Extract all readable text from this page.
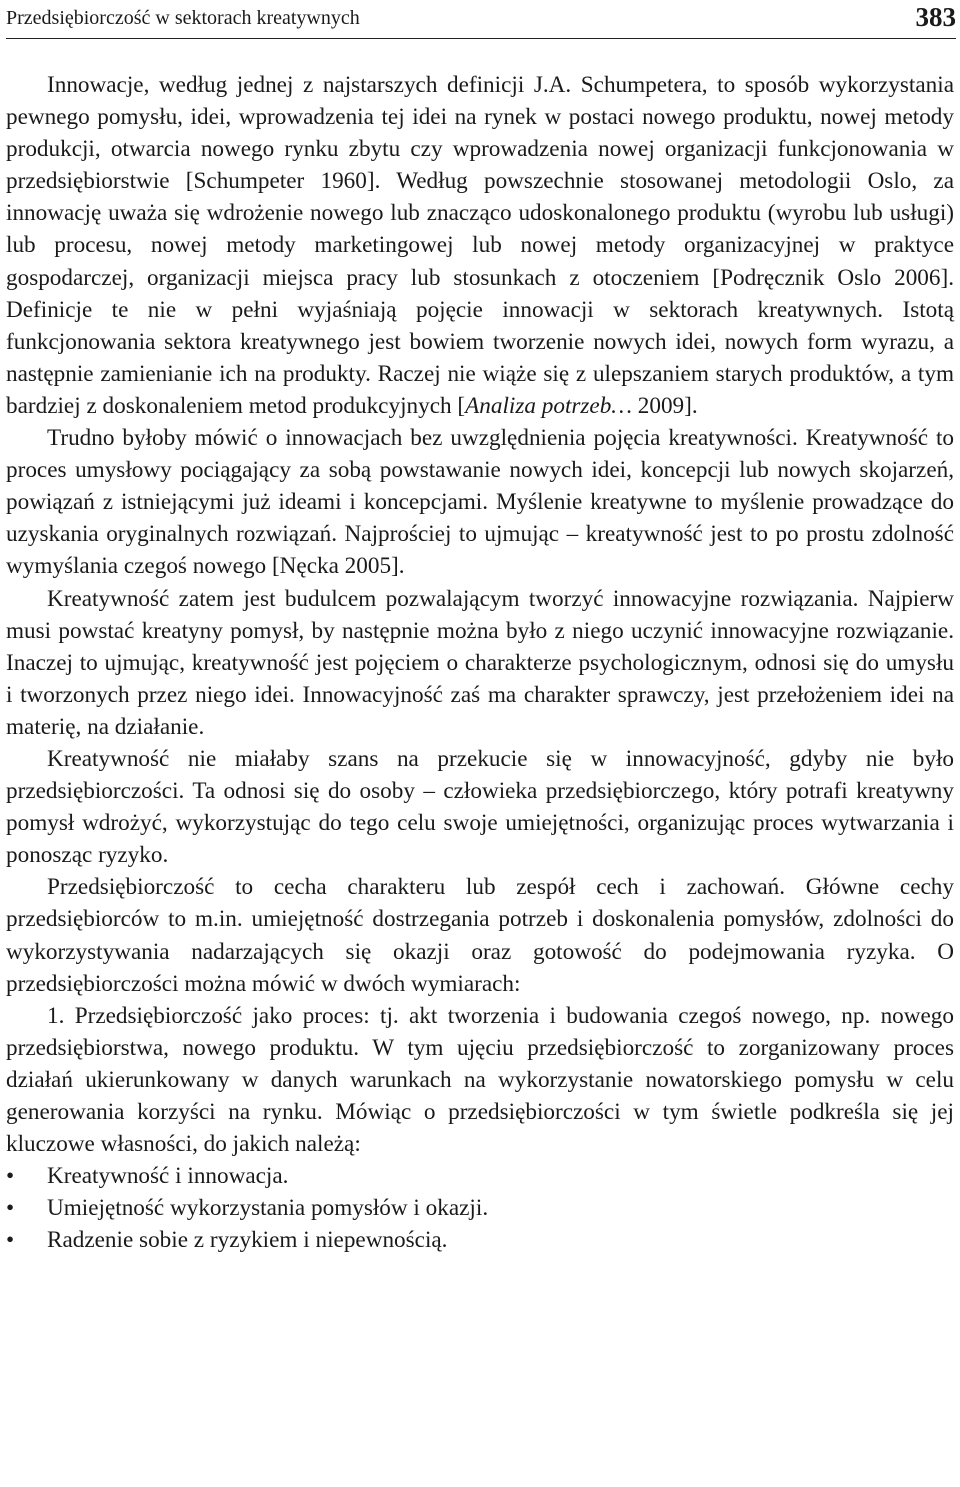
Przedsiębiorczość w sektorach kreatywnych	383

Innowacje, według jednej z najstarszych definicji J.A. Schumpetera, to sposób wykorzystania pewnego pomysłu, idei, wprowadzenia tej idei na rynek w postaci nowego produktu, nowej metody produkcji, otwarcia nowego rynku zbytu czy wprowadzenia nowej organizacji funkcjonowania w przedsiębiorstwie [Schumpeter 1960]. Według powszechnie stosowanej metodologii Oslo, za innowację uważa się wdrożenie nowego lub znacząco udoskonalonego produktu (wyrobu lub usługi) lub procesu, nowej metody marketingowej lub nowej metody organizacyjnej w praktyce gospodarczej, organizacji miejsca pracy lub stosunkach z otoczeniem [Podręcznik Oslo 2006]. Definicje te nie w pełni wyjaśniają pojęcie innowacji w sektorach kreatywnych. Istotą funkcjonowania sektora kreatywnego jest bowiem tworzenie nowych idei, nowych form wyrazu, a następnie zamienianie ich na produkty. Raczej nie wiąże się z ulepszaniem starych produktów, a tym bardziej z doskonaleniem metod produkcyjnych [Analiza potrzeb… 2009].

Trudno byłoby mówić o innowacjach bez uwzględnienia pojęcia kreatywności. Kreatywność to proces umysłowy pociągający za sobą powstawanie nowych idei, koncepcji lub nowych skojarzeń, powiązań z istniejącymi już ideami i koncepcjami. Myślenie kreatywne to myślenie prowadzące do uzyskania oryginalnych rozwiązań. Najprościej to ujmując – kreatywność jest to po prostu zdolność wymyślania czegoś nowego [Nęcka 2005].

Kreatywność zatem jest budulcem pozwalającym tworzyć innowacyjne rozwiązania. Najpierw musi powstać kreatyny pomysł, by następnie można było z niego uczynić innowacyjne rozwiązanie. Inaczej to ujmując, kreatywność jest pojęciem o charakterze psychologicznym, odnosi się do umysłu i tworzonych przez niego idei. Innowacyjność zaś ma charakter sprawczy, jest przełożeniem idei na materię, na działanie.

Kreatywność nie miałaby szans na przekucie się w innowacyjność, gdyby nie było przedsiębiorczości. Ta odnosi się do osoby – człowieka przedsiębiorczego, który potrafi kreatywny pomysł wdrożyć, wykorzystując do tego celu swoje umiejętności, organizując proces wytwarzania i ponosząc ryzyko.

Przedsiębiorczość to cecha charakteru lub zespół cech i zachowań. Główne cechy przedsiębiorców to m.in. umiejętność dostrzegania potrzeb i doskonalenia pomysłów, zdolności do wykorzystywania nadarzających się okazji oraz gotowość do podejmowania ryzyka. O przedsiębiorczości można mówić w dwóch wymiarach:

1. Przedsiębiorczość jako proces: tj. akt tworzenia i budowania czegoś nowego, np. nowego przedsiębiorstwa, nowego produktu. W tym ujęciu przedsiębiorczość to zorganizowany proces działań ukierunkowany w danych warunkach na wykorzystanie nowatorskiego pomysłu w celu generowania korzyści na rynku. Mówiąc o przedsiębiorczości w tym świetle podkreśla się jej kluczowe własności, do jakich należą:

• Kreatywność i innowacja.
• Umiejętność wykorzystania pomysłów i okazji.
• Radzenie sobie z ryzykiem i niepewnością.
